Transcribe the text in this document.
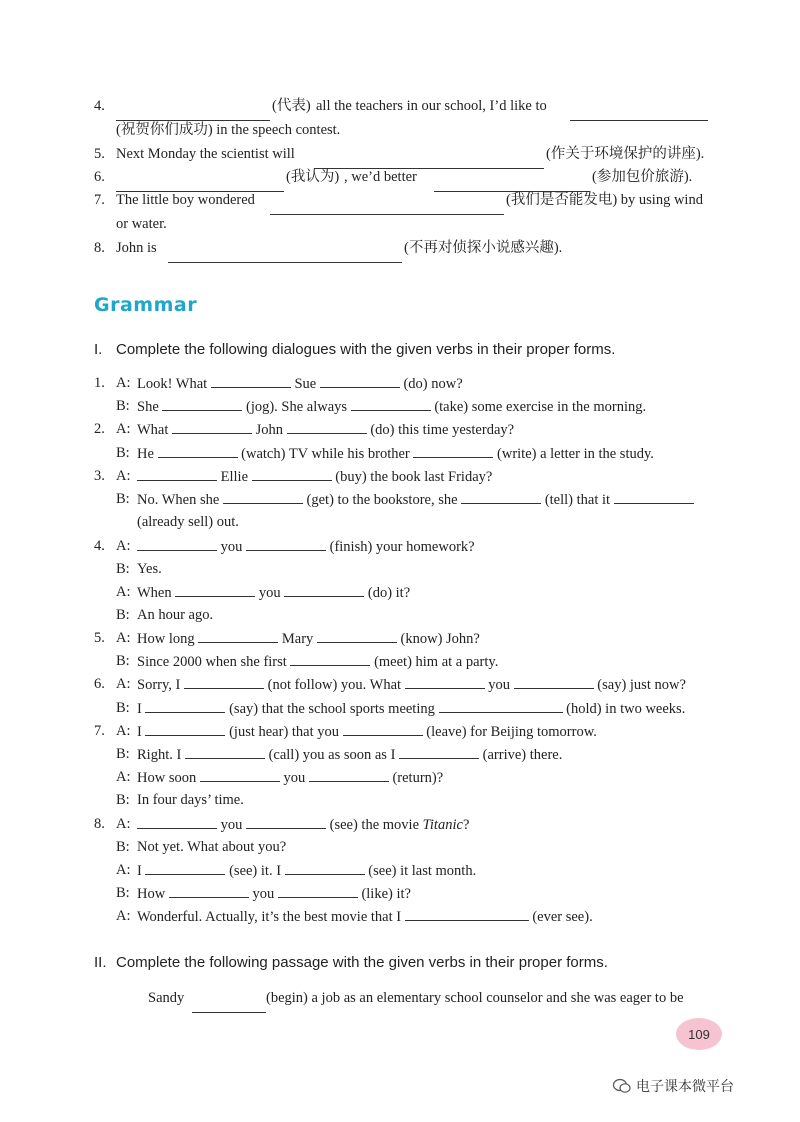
4.	(代表) all the teachers in our school, I’d like to
(祝贺你们成功) in the speech contest.
5. Next Monday the scientist will	(作关于环境保护的讲座).
6.	(我认为) , we’d better	(参加包价旅游).
7. The little boy wondered	(我们是否能发电) by using wind
or water.
8. John is	(不再对侦探小说感兴趣).
Grammar
I. Complete the following dialogues with the given verbs in their proper forms.
1. A: Look! What	Sue	(do) now?
B: She	(jog). She always	(take) some exercise in the morning.
2. A: What	John	(do) this time yesterday?
B: He	(watch) TV while his brother	(write) a letter in the study.
3. A:	Ellie	(buy) the book last Friday?
B: No. When she	(get) to the bookstore, she	(tell) that it
(already sell) out.
4. A:	you	(finish) your homework?
B: Yes.
A: When	you	(do) it?
B: An hour ago.
5. A: How long	Mary	(know) John?
B: Since 2000 when she first	(meet) him at a party.
6. A: Sorry, I	(not follow) you. What	you	(say) just now?
B: I	(say) that the school sports meeting	(hold) in two weeks.
7. A: I	(just hear) that you	(leave) for Beijing tomorrow.
B: Right. I	(call) you as soon as I	(arrive) there.
A: How soon	you	(return)?
B: In four days’ time.
8. A:	you	(see) the movie Titanic?
B: Not yet. What about you?
A: I	(see) it. I	(see) it last month.
B: How	you	(like) it?
A: Wonderful. Actually, it’s the best movie that I	(ever see).
II. Complete the following passage with the given verbs in their proper forms.
Sandy	(begin) a job as an elementary school counselor and she was eager to be
109
电子课本微平台
